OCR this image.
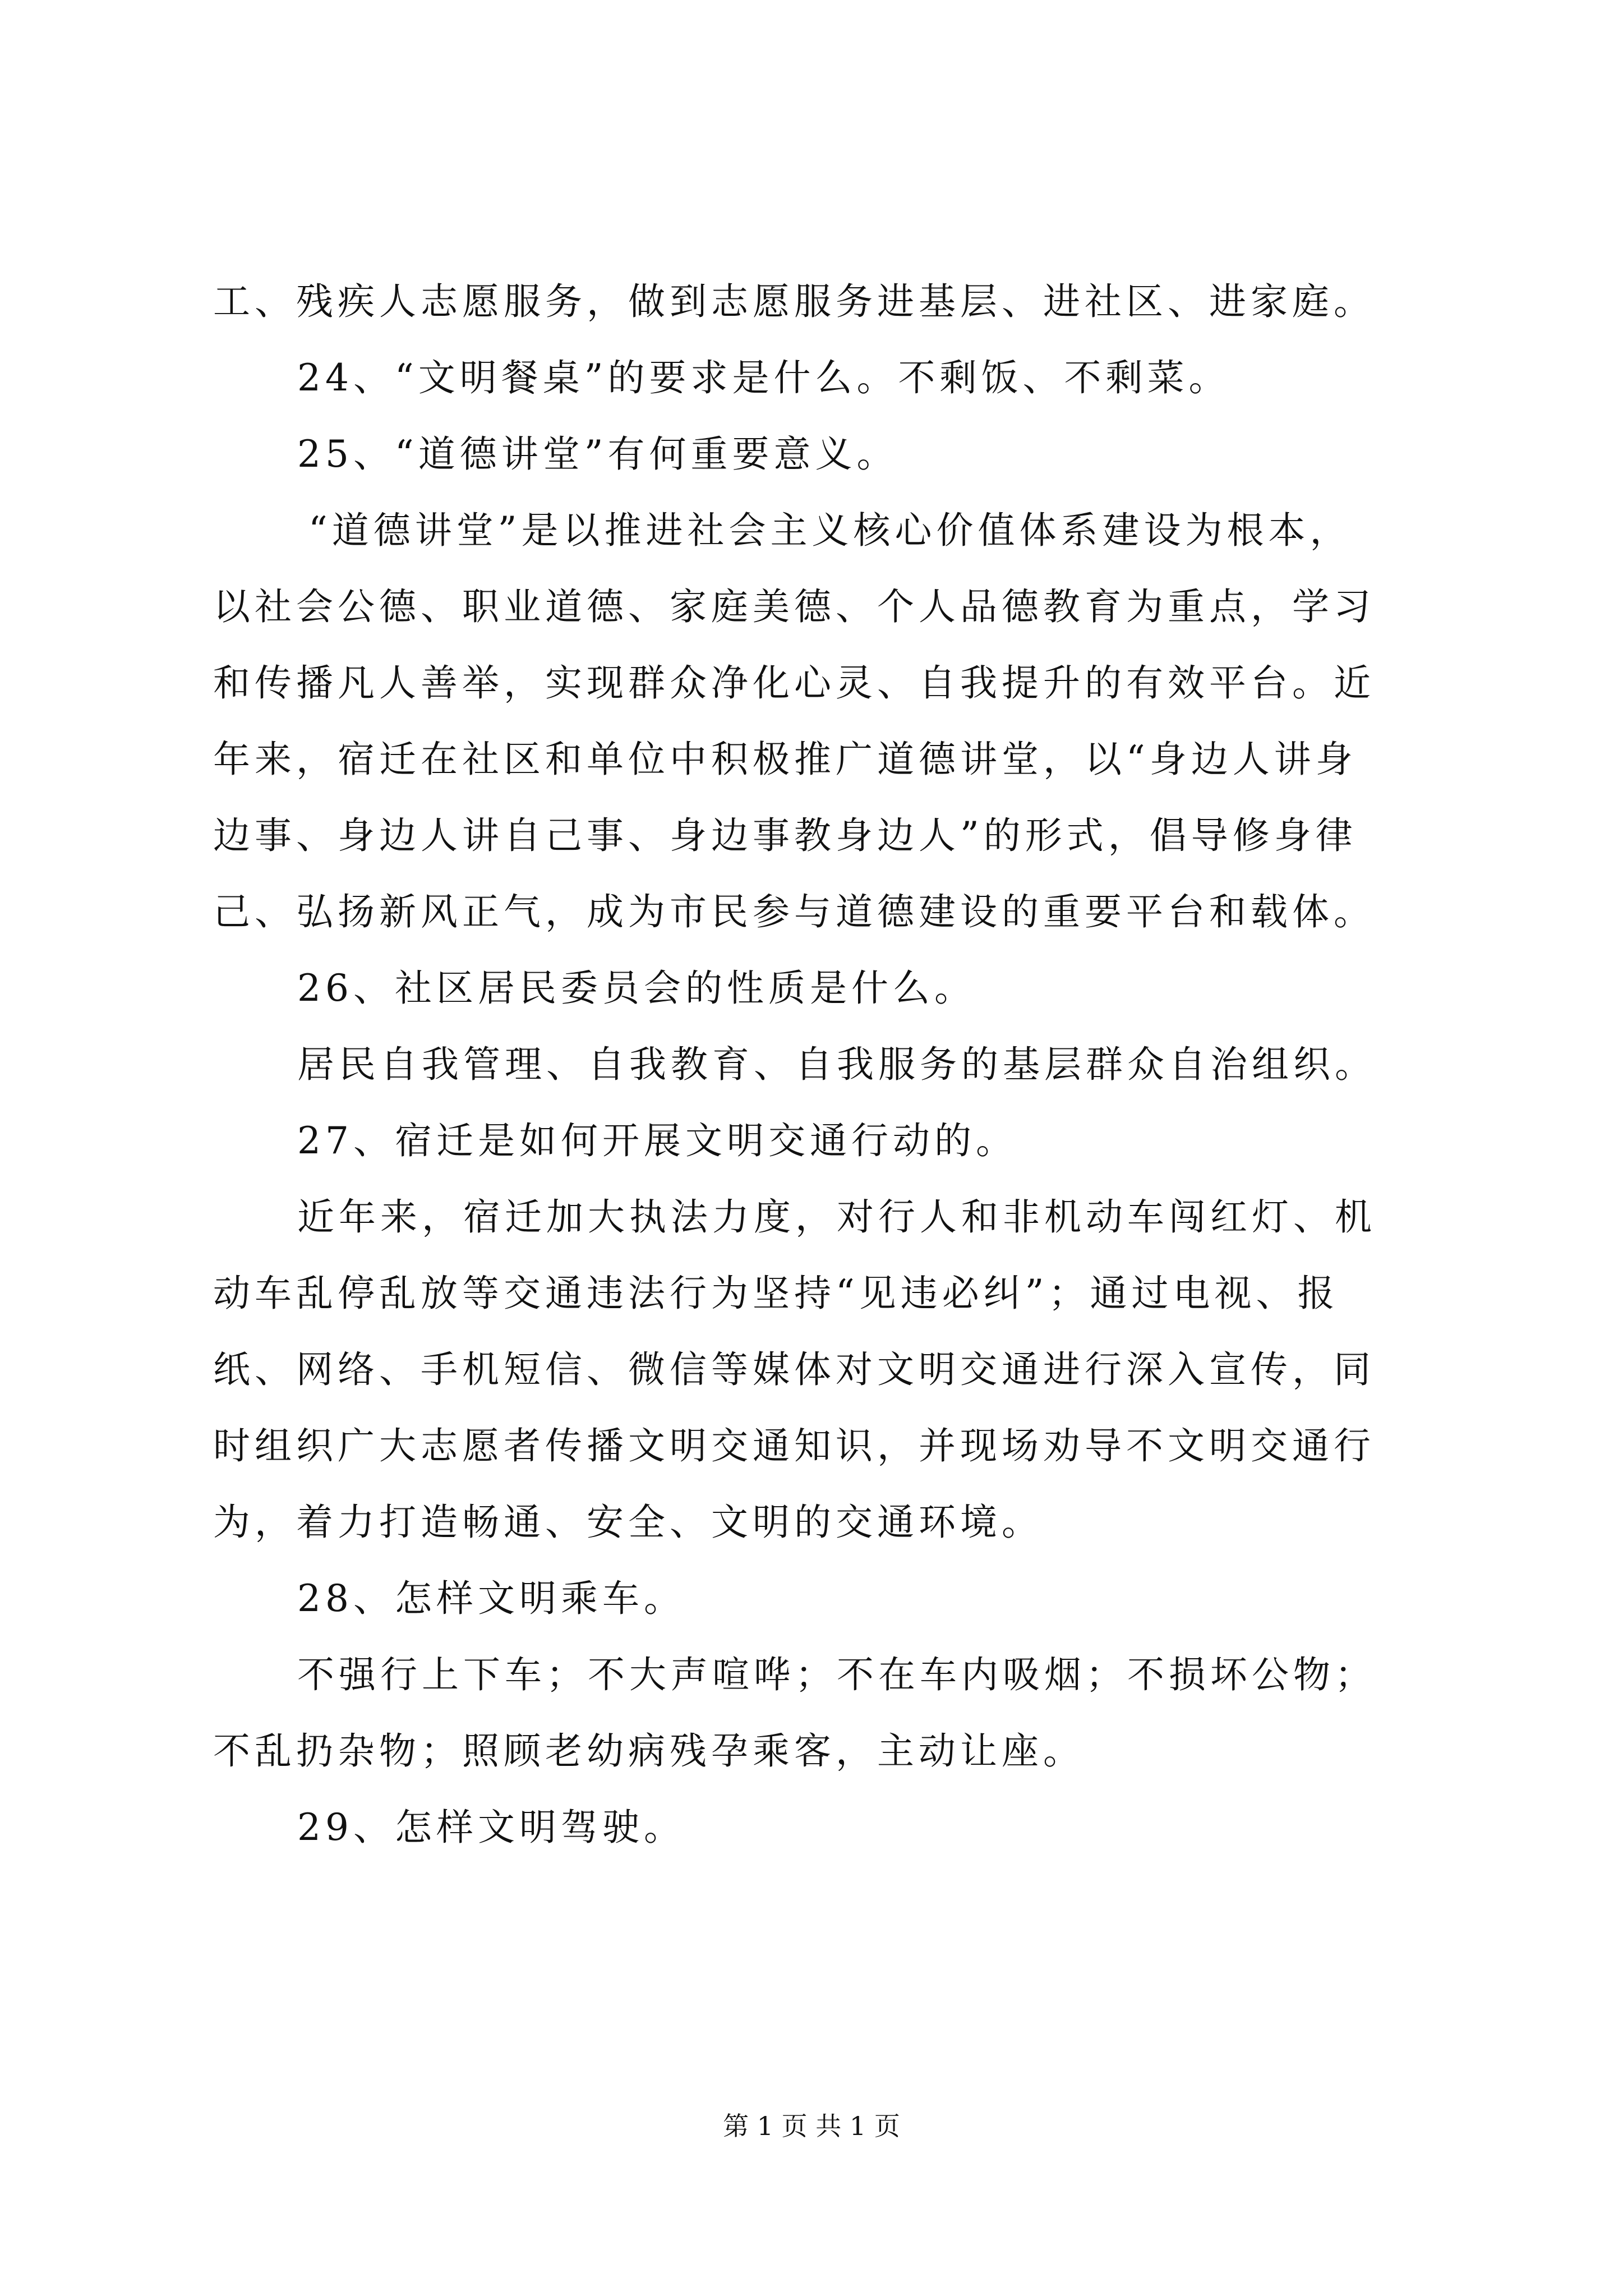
工、残疾人志愿服务，做到志愿服务进基层、进社区、进家庭。
24、“文明餐桌”的要求是什么。不剩饭、不剩菜。
25、“道德讲堂”有何重要意义。
“道德讲堂”是以推进社会主义核心价值体系建设为根本，
以社会公德、职业道德、家庭美德、个人品德教育为重点，学习
和传播凡人善举，实现群众净化心灵、自我提升的有效平台。近
年来，宿迁在社区和单位中积极推广道德讲堂，以“身边人讲身
边事、身边人讲自己事、身边事教身边人”的形式，倡导修身律
己、弘扬新风正气，成为市民参与道德建设的重要平台和载体。
26、社区居民委员会的性质是什么。
居民自我管理、自我教育、自我服务的基层群众自治组织。
27、宿迁是如何开展文明交通行动的。
近年来，宿迁加大执法力度，对行人和非机动车闯红灯、机
动车乱停乱放等交通违法行为坚持“见违必纠”；通过电视、报
纸、网络、手机短信、微信等媒体对文明交通进行深入宣传，同
时组织广大志愿者传播文明交通知识，并现场劝导不文明交通行
为，着力打造畅通、安全、文明的交通环境。
28、怎样文明乘车。
不强行上下车；不大声喧哗；不在车内吸烟；不损坏公物；
不乱扔杂物；照顾老幼病残孕乘客，主动让座。
29、怎样文明驾驶。
第 1 页 共 1 页
